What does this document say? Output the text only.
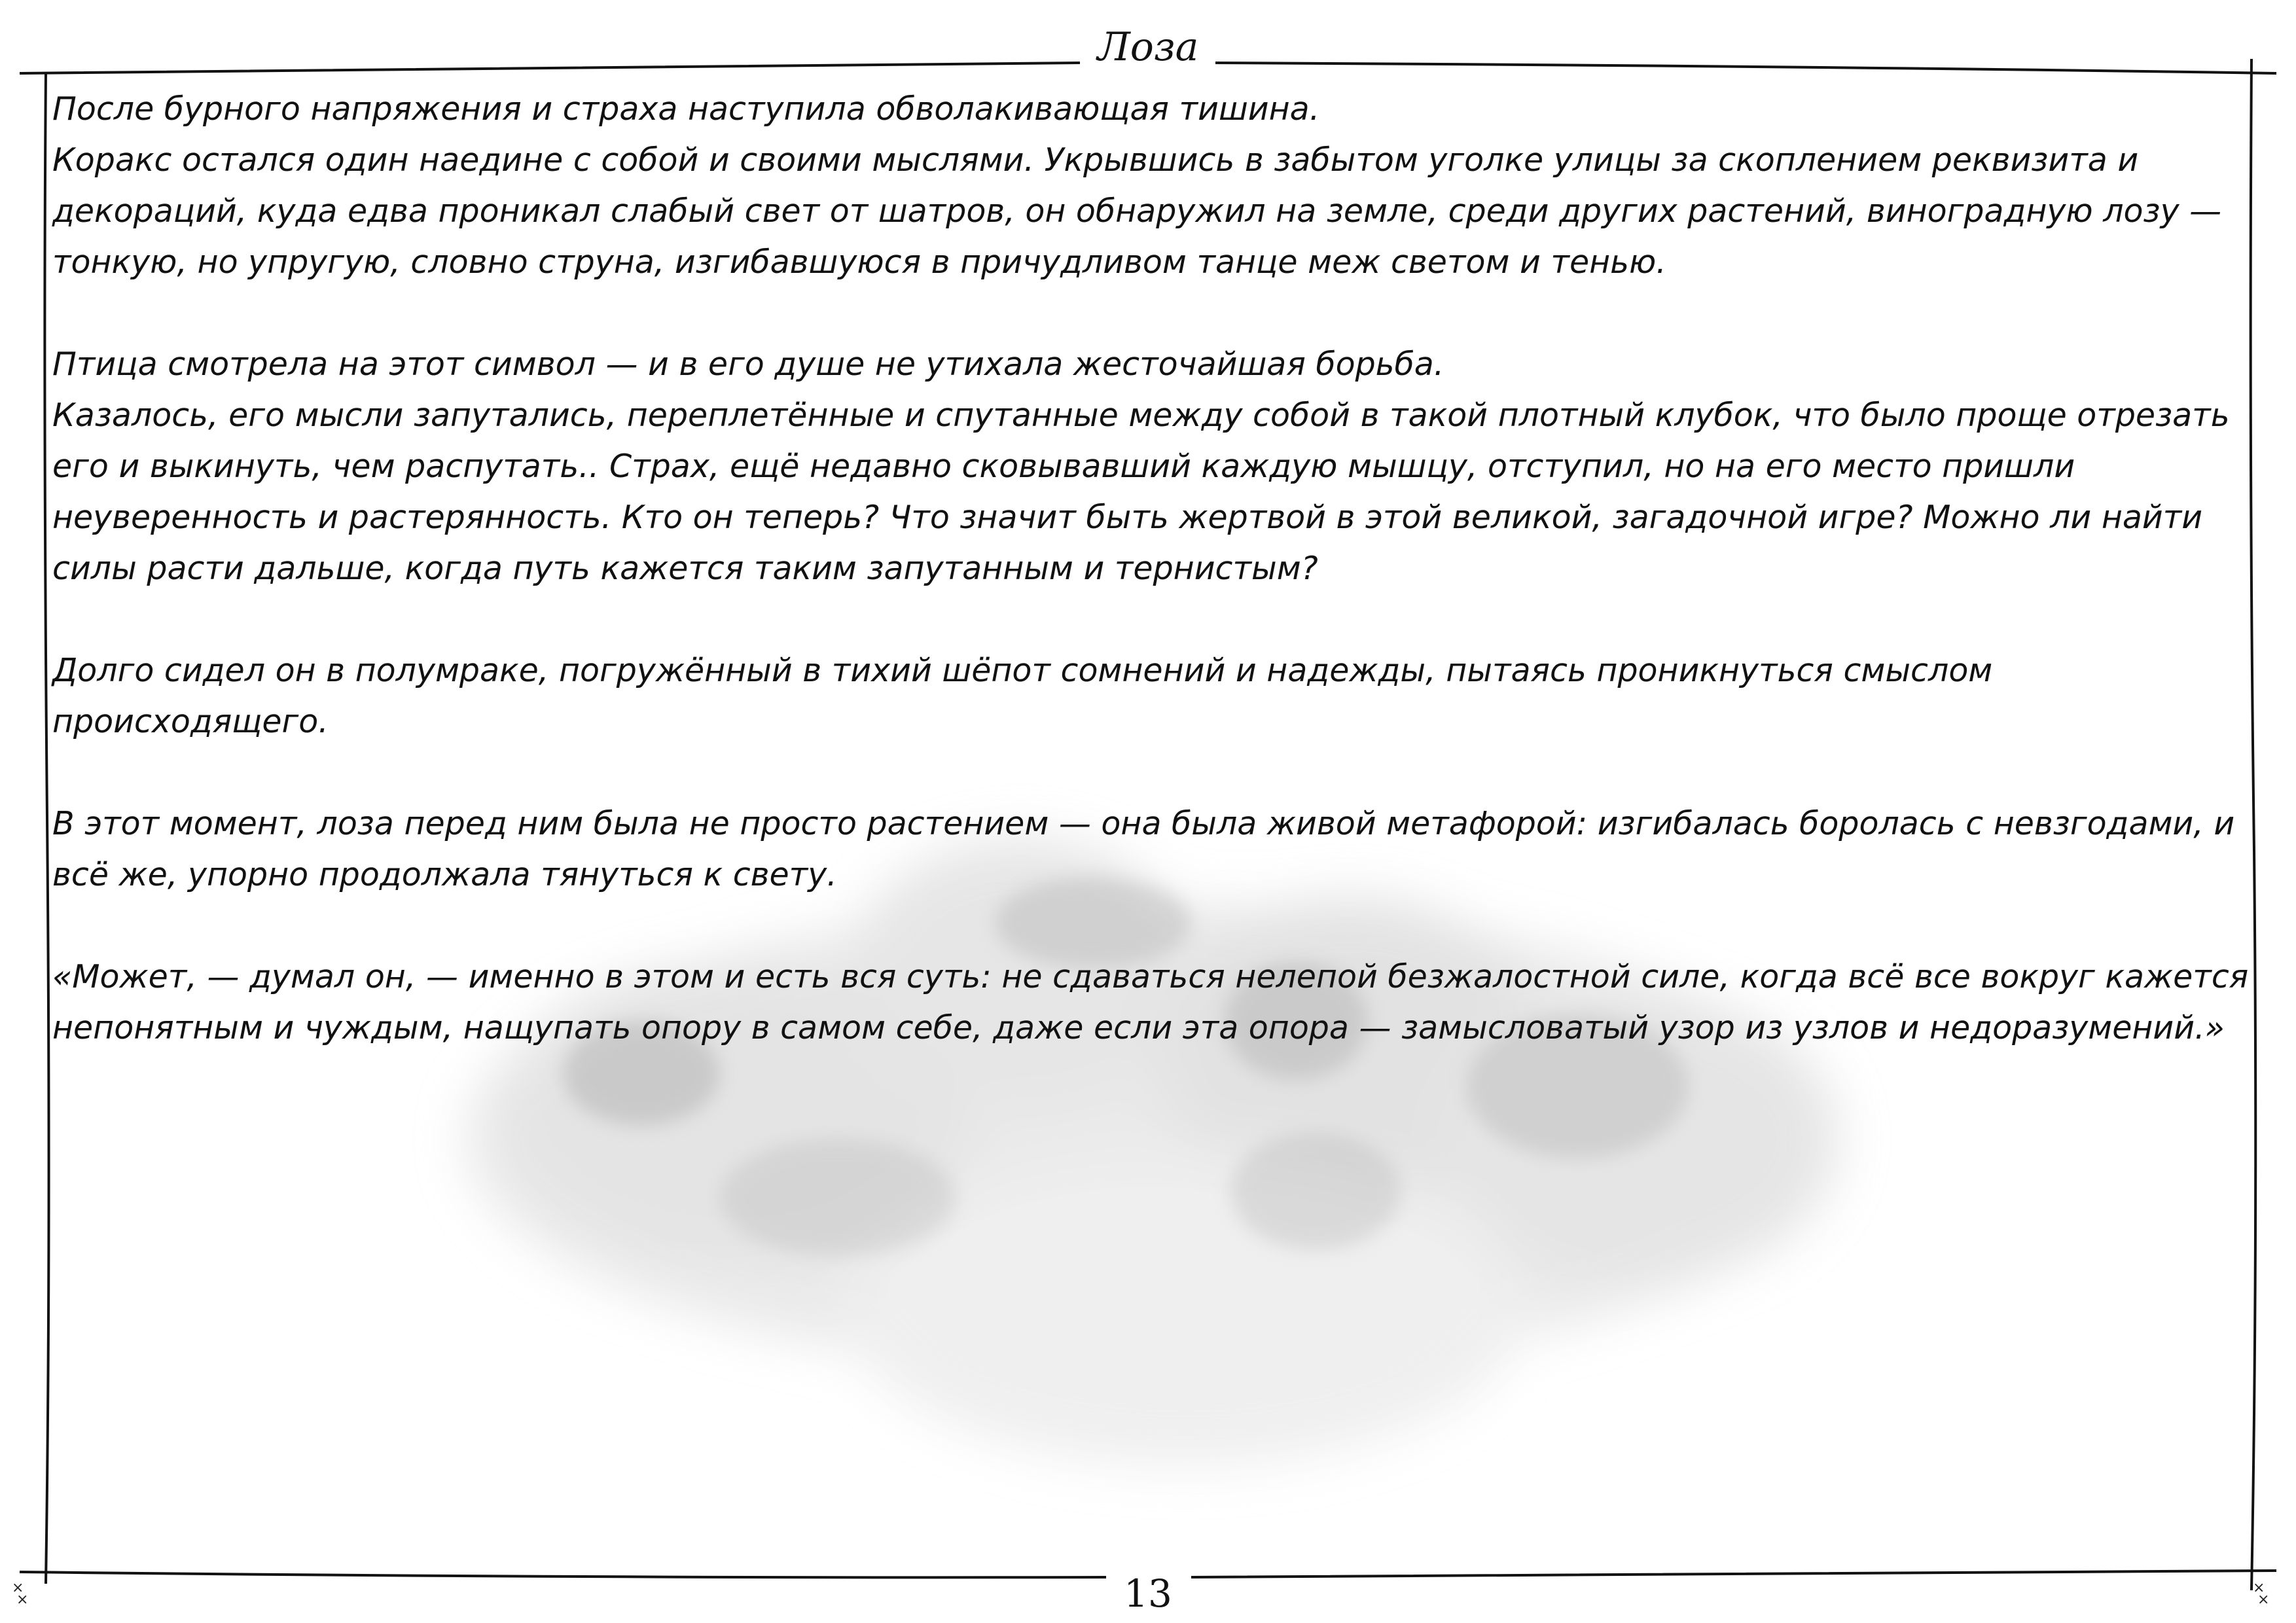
×
×
×
×
Лоза

После бурного напряжения и страха наступила обволакивающая тишина.
Коракс остался один наедине с собой и своими мыслями. Укрывшись в забытом уголке улицы за скоплением реквизита и
декораций, куда едва проникал слабый свет от шатров, он обнаружил на земле, среди других растений, виноградную лозу —
тонкую, но упругую, словно струна, изгибавшуюся в причудливом танце меж светом и тенью.

Птица смотрела на этот символ — и в его душе не утихала жесточайшая борьба.
Казалось, его мысли запутались, переплетённые и спутанные между собой в такой плотный клубок, что было проще отрезать
его и выкинуть, чем распутать.. Страх, ещё недавно сковывавший каждую мышцу, отступил, но на его место пришли
неуверенность и растерянность. Кто он теперь? Что значит быть жертвой в этой великой, загадочной игре? Можно ли найти
силы расти дальше, когда путь кажется таким запутанным и тернистым?

Долго сидел он в полумраке, погружённый в тихий шёпот сомнений и надежды, пытаясь проникнуться смыслом происходящего.

В этот момент, лоза перед ним была не просто растением — она была живой метафорой: изгибалась боролась с невзгодами, и
всё же, упорно продолжала тянуться к свету.

«Может, — думал он, — именно в этом и есть вся суть: не сдаваться нелепой безжалостной силе, когда всё все вокруг кажется
непонятным и чуждым, нащупать опору в самом себе, даже если эта опора — замысловатый узор из узлов и недоразумений.»

13
